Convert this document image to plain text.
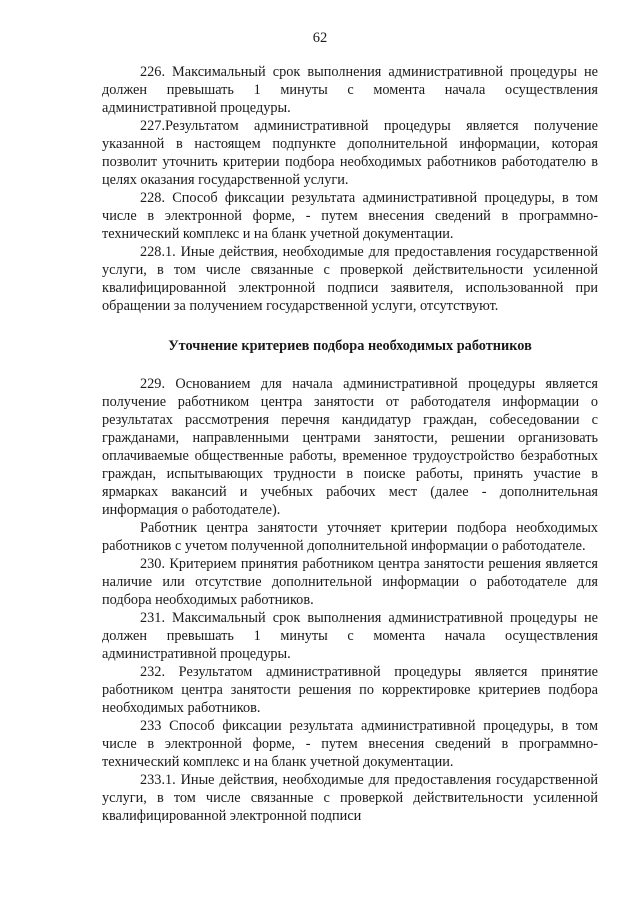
62

226. Максимальный срок выполнения административной процедуры не должен превышать 1 минуты с момента начала осуществления административной процедуры.

227.Результатом административной процедуры является получение указанной в настоящем подпункте дополнительной информации, которая позволит уточнить критерии подбора необходимых работников работодателю в целях оказания государственной услуги.

228. Способ фиксации результата административной процедуры, в том числе в электронной форме, - путем внесения сведений в программно-технический комплекс и на бланк учетной документации.

228.1. Иные действия, необходимые для предоставления государственной услуги, в том числе связанные с проверкой действительности усиленной квалифицированной электронной подписи заявителя, использованной при обращении за получением государственной услуги, отсутствуют.

Уточнение критериев подбора необходимых работников

229. Основанием для начала административной процедуры является получение работником центра занятости от работодателя информации о результатах рассмотрения перечня кандидатур граждан, собеседовании с гражданами, направленными центрами занятости, решении организовать оплачиваемые общественные работы, временное трудоустройство безработных граждан, испытывающих трудности в поиске работы, принять участие в ярмарках вакансий и учебных рабочих мест (далее - дополнительная информация о работодателе).

Работник центра занятости уточняет критерии подбора необходимых работников с учетом полученной дополнительной информации о работодателе.

230. Критерием принятия работником центра занятости решения является наличие или отсутствие дополнительной информации о работодателе для подбора необходимых работников.

231. Максимальный срок выполнения административной процедуры не должен превышать 1 минуты с момента начала осуществления административной процедуры.

232. Результатом административной процедуры является принятие работником центра занятости решения по корректировке критериев подбора необходимых работников.

233 Способ фиксации результата административной процедуры, в том числе в электронной форме, - путем внесения сведений в программно-технический комплекс и на бланк учетной документации.

233.1. Иные действия, необходимые для предоставления государственной услуги, в том числе связанные с проверкой действительности усиленной квалифицированной электронной подписи
